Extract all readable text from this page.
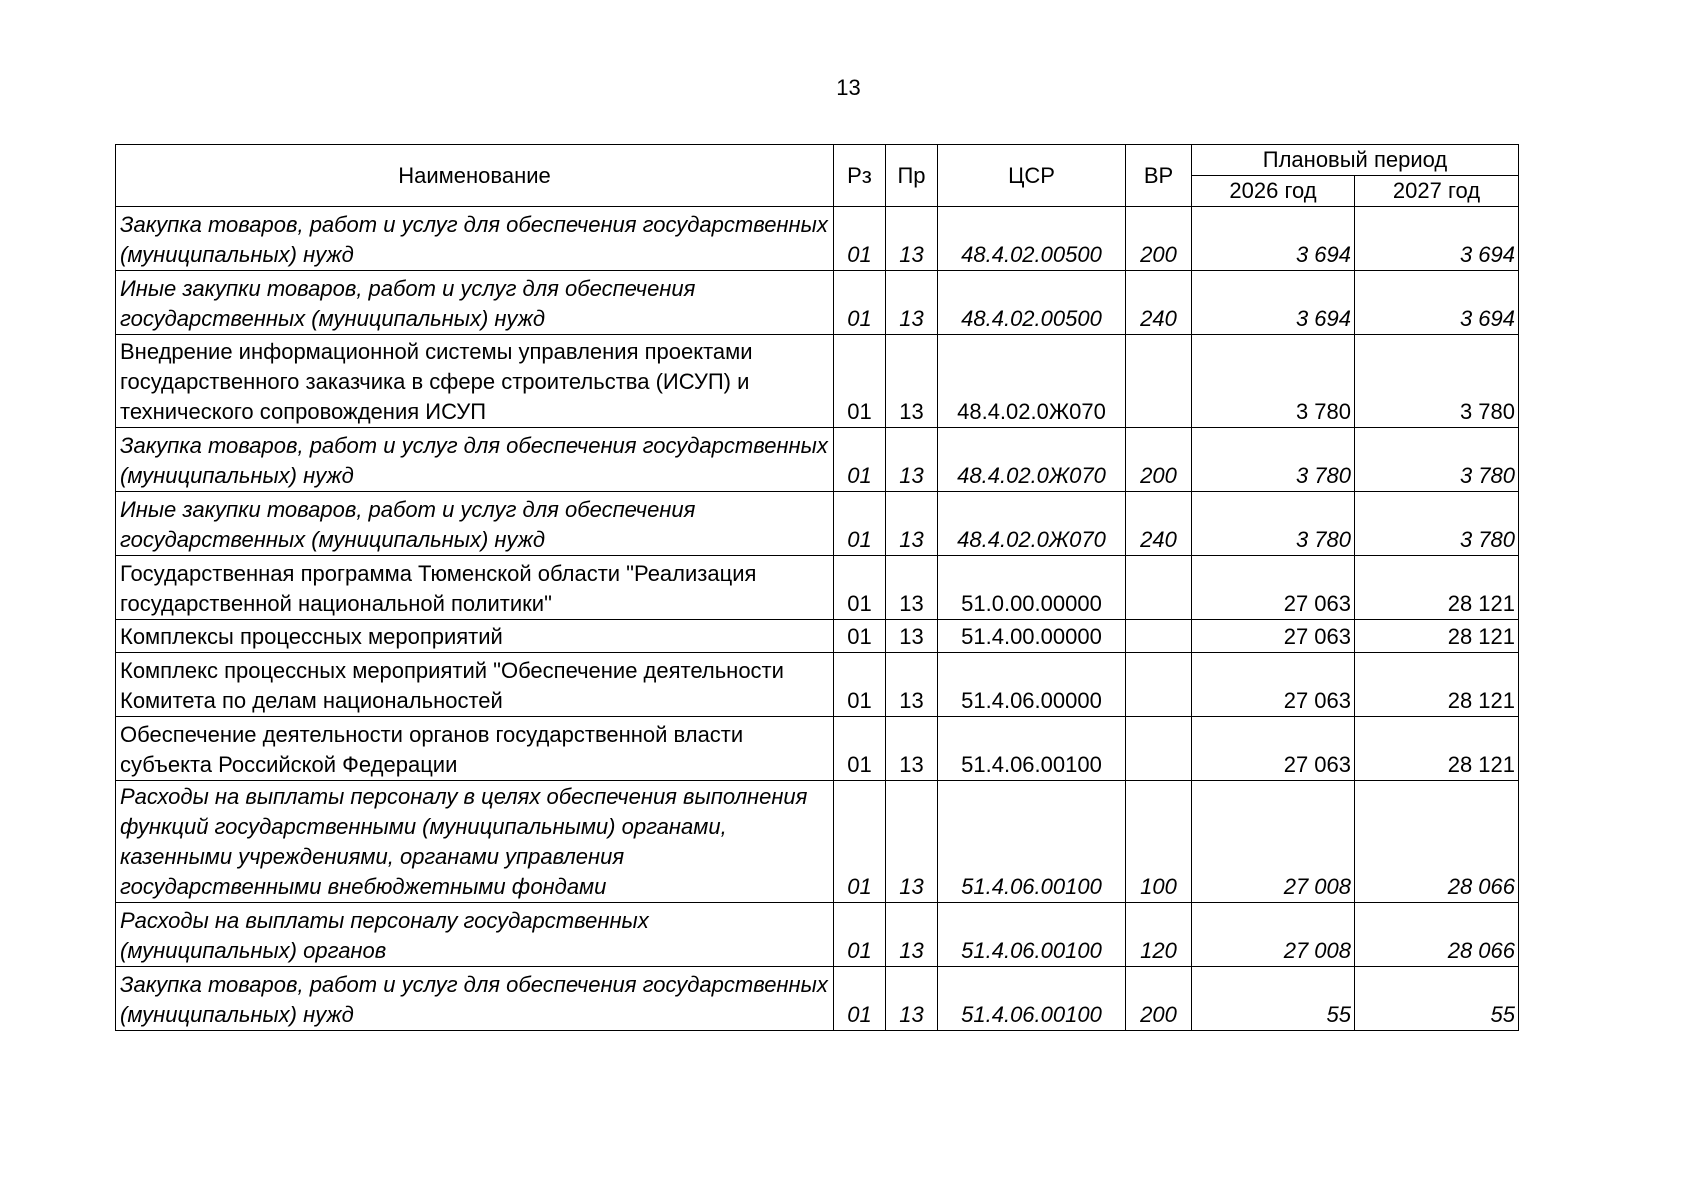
13
Наименование	Рз	Пр	ЦСР	ВР	Плановый период	
					2026 год	2027 год
Закупка товаров, работ и услуг для обеспечения государственных (муниципальных) нужд	01	13	48.4.02.00500	200	3 694	3 694
Иные закупки товаров, работ и услуг для обеспечения государственных (муниципальных) нужд	01	13	48.4.02.00500	240	3 694	3 694
Внедрение информационной системы управления проектами государственного заказчика в сфере строительства (ИСУП) и технического сопровождения ИСУП	01	13	48.4.02.0Ж070		3 780	3 780
Закупка товаров, работ и услуг для обеспечения государственных (муниципальных) нужд	01	13	48.4.02.0Ж070	200	3 780	3 780
Иные закупки товаров, работ и услуг для обеспечения государственных (муниципальных) нужд	01	13	48.4.02.0Ж070	240	3 780	3 780
Государственная программа Тюменской области "Реализация государственной национальной политики"	01	13	51.0.00.00000		27 063	28 121
Комплексы процессных мероприятий	01	13	51.4.00.00000		27 063	28 121
Комплекс процессных мероприятий "Обеспечение деятельности Комитета по делам национальностей	01	13	51.4.06.00000		27 063	28 121
Обеспечение деятельности органов государственной власти субъекта Российской Федерации	01	13	51.4.06.00100		27 063	28 121
Расходы на выплаты персоналу в целях обеспечения выполнения функций государственными (муниципальными) органами, казенными учреждениями, органами управления государственными внебюджетными фондами	01	13	51.4.06.00100	100	27 008	28 066
Расходы на выплаты персоналу государственных (муниципальных) органов	01	13	51.4.06.00100	120	27 008	28 066
Закупка товаров, работ и услуг для обеспечения государственных (муниципальных) нужд	01	13	51.4.06.00100	200	55	55
